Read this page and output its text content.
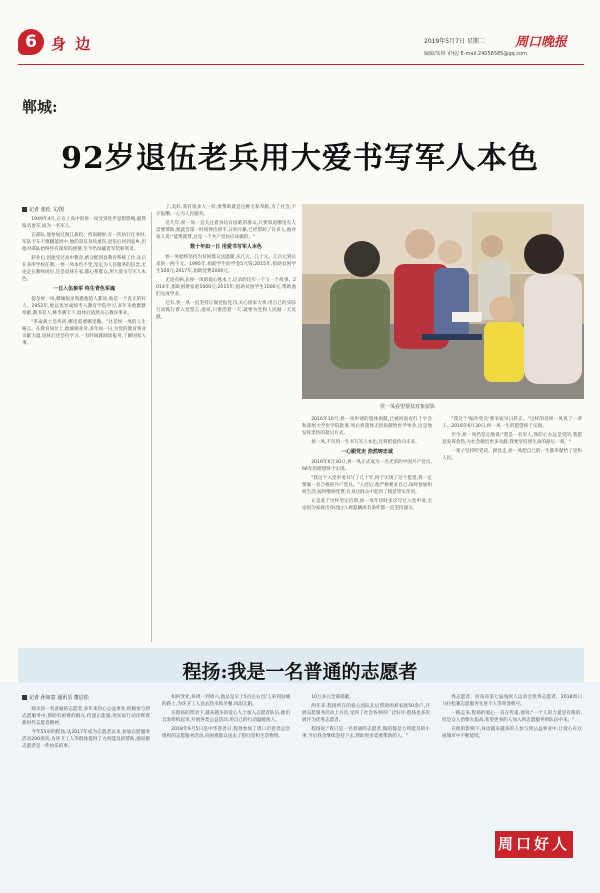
6 身 边	2019年5月7日 星期二 周口晚报
编辑/朱林 审校/ E-mail:24058585@qq.com
郸城:
92岁退伍老兵用大爱书写军人本色
记者 张松 文/图

1949年4月,正在上高中的侯一凤受到进步思想影响,毅然报名参军,成为一名军人。

在部队,他参加过渡江战役、西南剿匪,在一次执行任务时,军队卡车不慎翻落河中,他的双耳身负重伤,退伍后回到家乡,但他对部队始终怀有深厚的感情,至今仍珍藏着军装和奖章。

转业后,因他受过高中教育,被分配到县教育系统工作,先后在多所学校任教,一侯一凤本色不变,坚定为人民服务的信念,无论走在教师岗位,还是退休在家,都心系群众,用大爱书写军人本色。

一日入伍参军 终生青色军魂

提及侯一凤,郸城很多熟悉他的人都说,他是一个真正的好人。1952年,他以优异成绩考入教育学院学习,多年来他默默奉献,教书育人,桃李满天下,退休后依然关心教育事业。

"革命战士是块砖,哪里需要哪里搬。"这是侯一凤的人生格言。在教育岗位上,他兢兢业业,多年如一日,为党的教育事业贡献力量,退休后还坚持学习,一有时间就阅读报刊,了解国家大事。

了,美好,我有很多人一样,要帮助就是这种无私奉献,为了社会,不计报酬,一心为人民服务。

近几年,侯一凤一直关注着身边有困难的群众,只要知道哪里有人需要帮助,他就会第一时间伸出援手,日积月累,已经帮助了许多人,他对家人说:"能帮就帮,这是一个共产党员应该做的。"

数十年如一日 用爱书写军人本色

侯一凤始终坚持为贫困群众送温暖,从几元、几十元、几百元到后来的一两千元。1995年,捐助学生助学金5元钱;2015年,捐助贫困学生500元;2017年,捐助党费2000元。

无论有病,在侯一凤的爱心账本上,记录的还有一个又一个故事。2014年,捐助困难家庭1000元;2015年,捐助贫困学生1000元,帮助他们完成学业。

还有,侯一凤一直坚持订阅党报党刊,关心国家大事,用自己的实际行动践行着入党誓言,他说,只要活着一天,就要为党和人民做一天贡献。

侯一凤看望帮扶对象留影

2016年10月,侯一凤申请的遗体捐献,已被河南省红十字会和郑州大学医学院批准,死后将遗体无偿捐献给医学事业,这是他发挥余热的最后方式。

侯一凤,不仅用一生书写军人本色,还将把爱传向未来。

一心跟党走 浩然铸忠诚

2016年6月30日,侯一凤正式成为一名光荣的中国共产党员,66年的理想终于实现。

"我这个入党申请书写了几十年,终于实现了这个愿望,我一定要做一名合格的共产党员。"入党后,他严格要求自己,按时参加组织生活,按时缴纳党费,在身边群众中起到了模范带头作用。

正是基于这样坚定信仰,侯一凤年轻时多次写过入党申请,无论因为家庭出身(地主),被隐瞒成有条件都一直坚持递交。

"我这个'编外党员'要争取早日转正。"这样的话侯一凤说了一辈子。2016年6月30日,侯一凤一生的愿望终于实现。

至今,侯一凤仍坚定地说:"我是一名军人,我的心永远是党的,我愿意发挥余热,为社会做出更多贡献,我要坚持到生命的最后一刻。"

一辈子坚持听党话、跟党走,侯一凤把自己的一生都奉献给了党和人民。

程扬:我是一名普通的志愿者
记者 孙如意 通讯员 董启松

商水县一名普通的志愿者,多年来热心公益事业,积极参与到志愿服务中,帮助有困难的群众,传递正能量,用实际行动诠释着新时代志愿者精神。

今年55岁的程扬,从2017年成为志愿者以来,参加志愿服务活动200余次,为环卫工人等群体提供了力所能及的帮助,他说做志愿者是一件快乐的事。

如何变化,每周一到周六,他总是早上5点左右出门,来到县城的路上,为环卫工人送去热水和早餐,风雨无阻。

在程扬的带动下,越来越多的爱心人士加入志愿者队伍,他们自发组织起来,开展各类公益活动,用自己的行动温暖他人。

2018年9月5日是中华慈善日,程扬参加了周口市慈善总会组织的志愿服务活动,向困难群众送去了慰问金和生活物资。

10万多元全部捐献。

两年来,程扬所在的爱心团队先后帮助困难家庭50余户,开展志愿服务活动上百次,受到了社会各界的广泛好评,程扬也多次被评为优秀志愿者。

程扬说:"我只是一名普通的志愿者,做的都是力所能及的小事,今后我会继续坚持下去,帮助更多需要帮助的人。"

秀志愿者、河南省第七届残疾人运动会优秀志愿者、2018周口马拉松赛志愿服务先进个人等荣誉称号。

一路走来,程扬的爱心一直在传递,他说:"一个人的力量是有限的,但是众人拾柴火焰高,希望更多的人加入到志愿服务的队伍中来。"

在他的影响下,身边越来越多的人参与到公益事业中,让爱心在这座城市中不断延续。

周口好人
